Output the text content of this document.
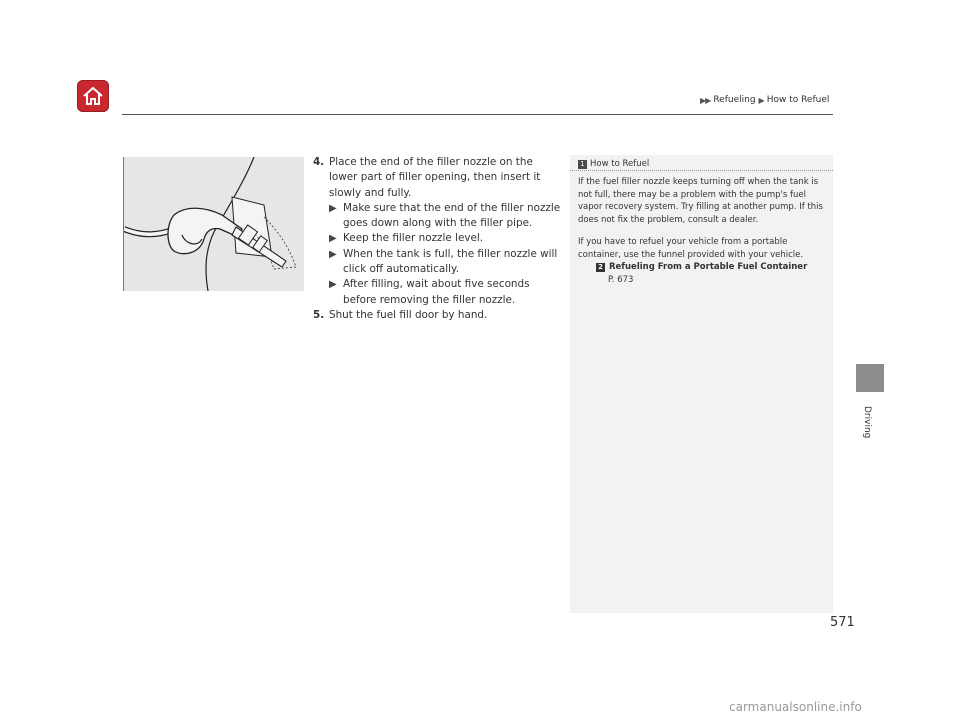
▶▶ Refueling ▶ How to Refuel
Driving
4. Place the end of the filler nozzle on the lower part of filler opening, then insert it slowly and fully.
▶ Make sure that the end of the filler nozzle goes down along with the filler pipe.
▶ Keep the filler nozzle level.
▶ When the tank is full, the filler nozzle will click off automatically.
▶ After filling, wait about five seconds before removing the filler nozzle.
5. Shut the fuel fill door by hand.
1 How to Refuel

If the fuel filler nozzle keeps turning off when the tank is not full, there may be a problem with the pump's fuel vapor recovery system. Try filling at another pump. If this does not fix the problem, consult a dealer.

If you have to refuel your vehicle from a portable container, use the funnel provided with your vehicle.

2 Refueling From a Portable Fuel Container
P. 673
571
carmanualsonline.info
